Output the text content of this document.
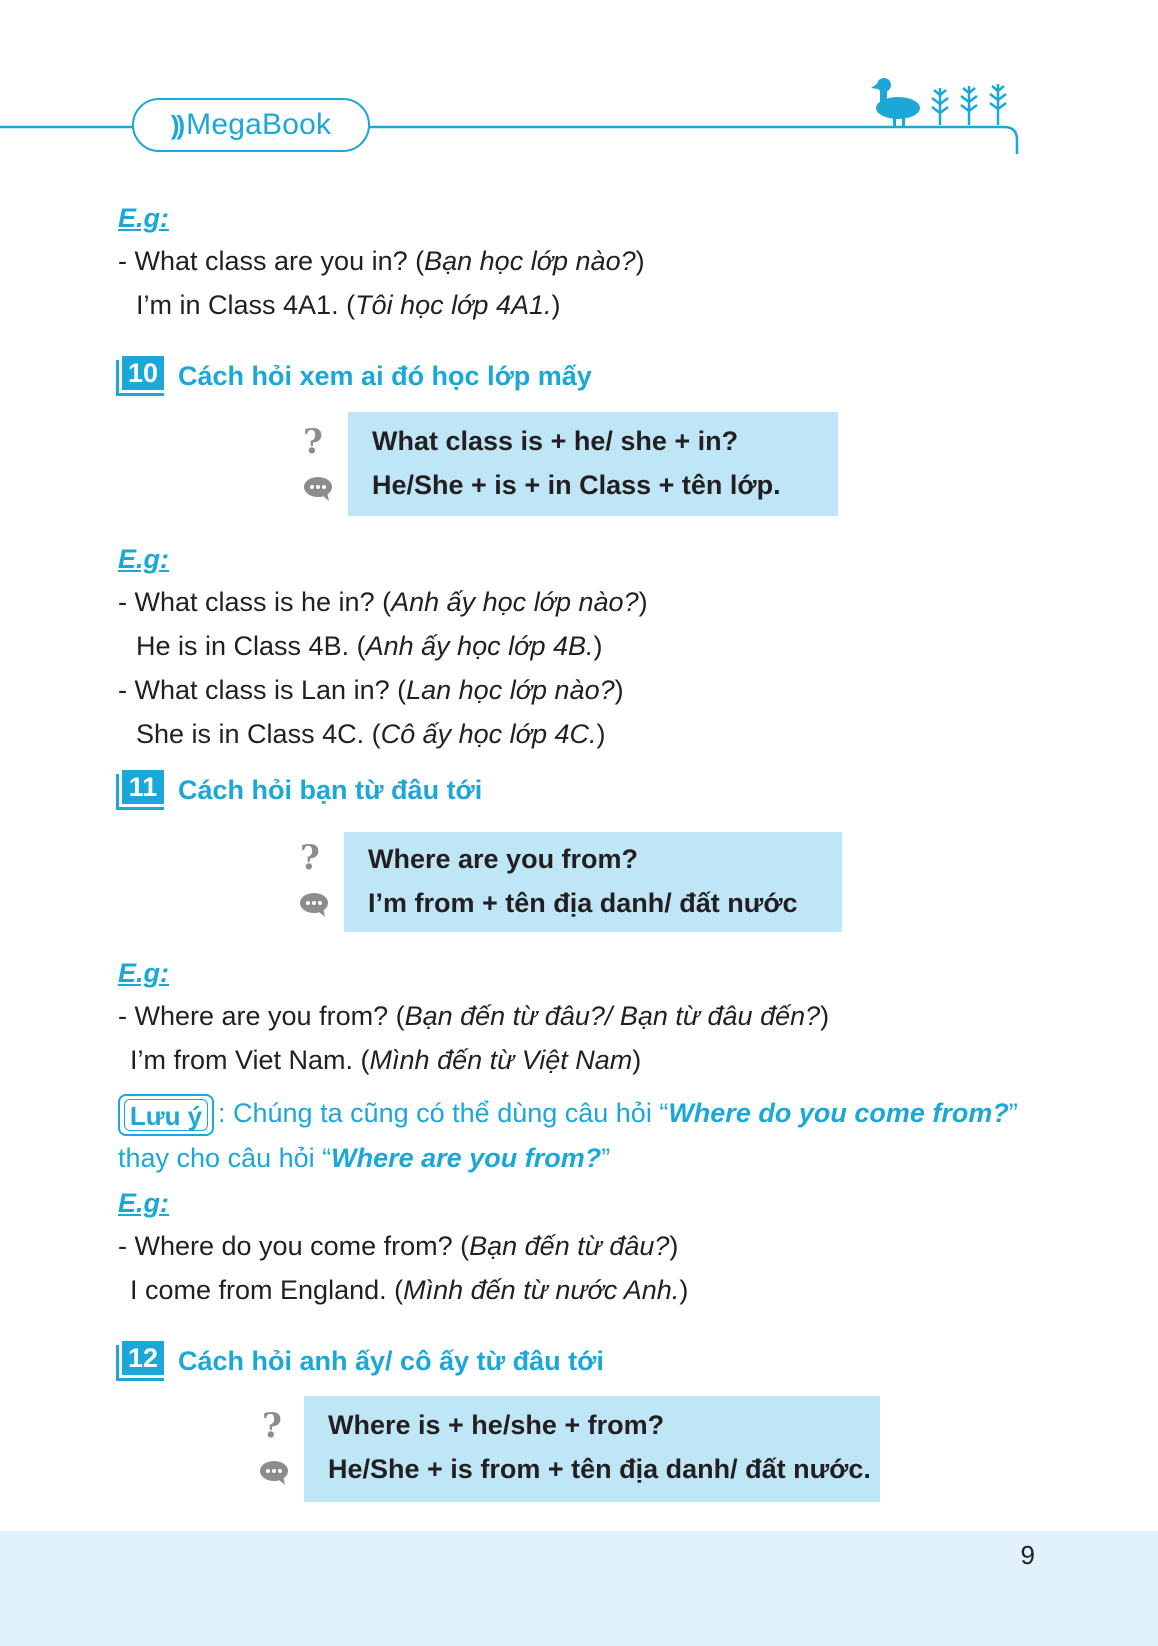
)) MegaBook
E.g:
- What class are you in? (Bạn học lớp nào?)
I’m in Class 4A1. (Tôi học lớp 4A1.)
10 Cách hỏi xem ai đó học lớp mấy
? What class is + he/ she + in?
He/She + is + in Class + tên lớp.
E.g:
- What class is he in? (Anh ấy học lớp nào?)
He is in Class 4B. (Anh ấy học lớp 4B.)
- What class is Lan in? (Lan học lớp nào?)
She is in Class 4C. (Cô ấy học lớp 4C.)
11 Cách hỏi bạn từ đâu tới
? Where are you from?
I’m from + tên địa danh/ đất nước
E.g:
- Where are you from? (Bạn đến từ đâu?/ Bạn từ đâu đến?)
I’m from Viet Nam. (Mình đến từ Việt Nam)
Lưu ý : Chúng ta cũng có thể dùng câu hỏi “Where do you come from?”
thay cho câu hỏi “Where are you from?”
E.g:
- Where do you come from? (Bạn đến từ đâu?)
I come from England. (Mình đến từ nước Anh.)
12 Cách hỏi anh ấy/ cô ấy từ đâu tới
? Where is + he/she + from?
He/She + is from + tên địa danh/ đất nước.
9
